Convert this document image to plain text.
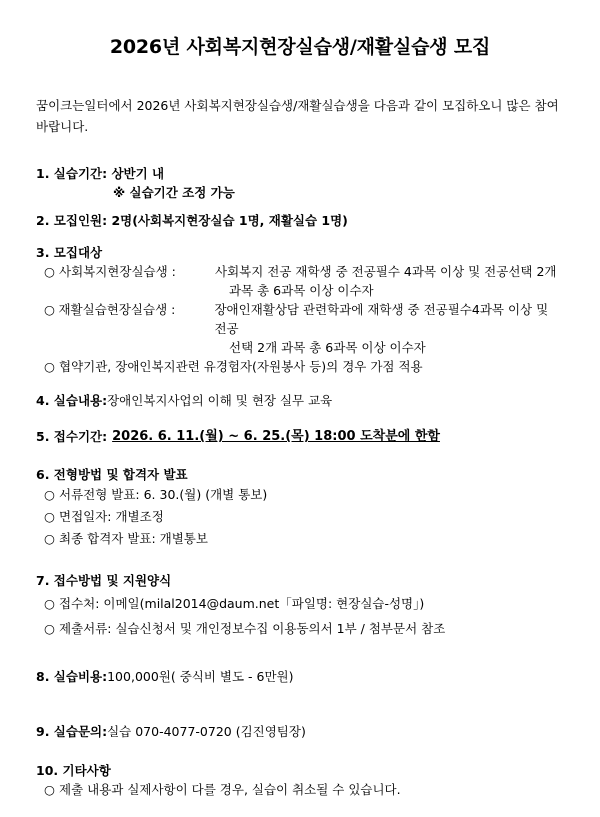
2026년 사회복지현장실습생/재활실습생 모집
꿈이크는일터에서 2026년 사회복지현장실습생/재활실습생을 다음과 같이 모집하오니 많은 참여 바랍니다.
1. 실습기간: 상반기 내
※ 실습기간 조정 가능
2. 모집인원: 2명(사회복지현장실습 1명, 재활실습 1명)
3. 모집대상
○ 사회복지현장실습생 :	사회복지 전공 재학생 중 전공필수 4과목 이상 및 전공선택 2개
과목 총 6과목 이상 이수자
○ 재활실습현장실습생 :	장애인재활상담 관련학과에 재학생 중 전공필수4과목 이상 및 전공
선택 2개 과목 총 6과목 이상 이수자
○ 협약기관, 장애인복지관련 유경험자(자원봉사 등)의 경우 가점 적용
4. 실습내용: 장애인복지사업의 이해 및 현장 실무 교육
5. 접수기간: 2026. 6. 11.(월) ~ 6. 25.(목) 18:00 도착분에 한함
6. 전형방법 및 합격자 발표
○ 서류전형 발표: 6. 30.(월) (개별 통보)
○ 면접일자: 개별조정
○ 최종 합격자 발표: 개별통보
7. 접수방법 및 지원양식
○ 접수처: 이메일(milal2014@daum.net「파일명: 현장실습-성명」)
○ 제출서류: 실습신청서 및 개인정보수집 이용동의서 1부 / 첨부문서 참조
8. 실습비용: 100,000원( 중식비 별도 - 6만원)
9. 실습문의: 실습 070-4077-0720 (김진영팀장)
10. 기타사항
○ 제출 내용과 실제사항이 다를 경우, 실습이 취소될 수 있습니다.
